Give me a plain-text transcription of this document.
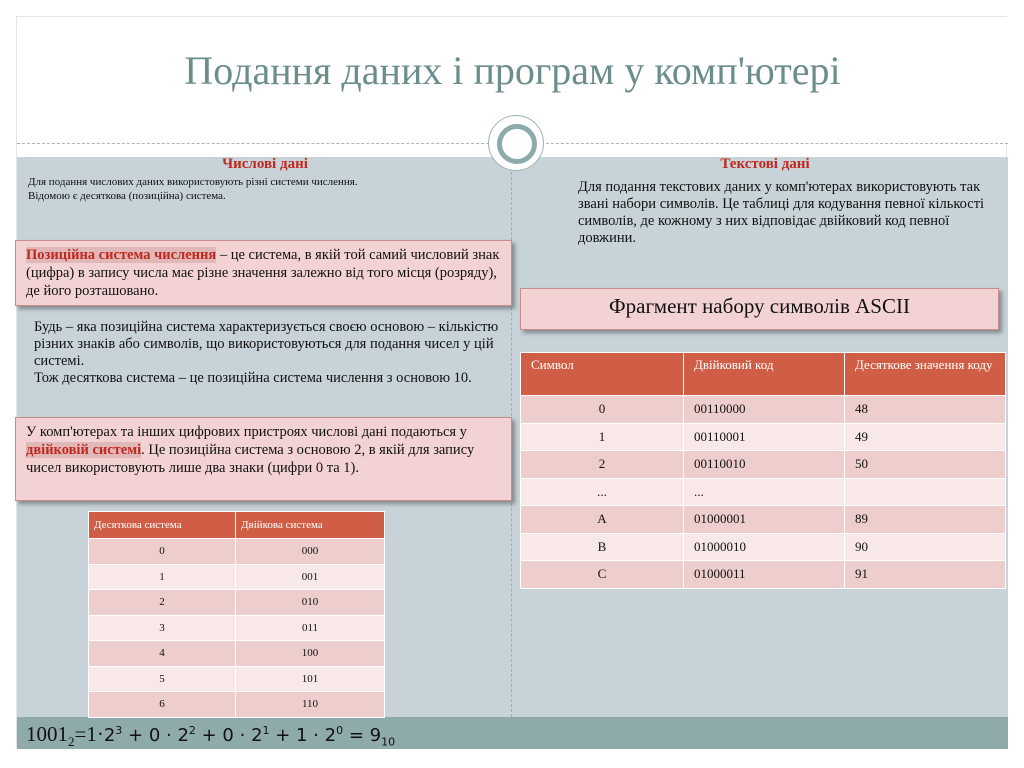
Подання даних і програм у комп'ютері
Числові дані
Для подання числових даних використовують різні системи числення.
Відомою є десяткова (позиційна) система.
Позиційна система числення – це система, в якій той самий числовий знак (цифра) в запису числа має різне значення залежно від того місця (розряду), де його розташовано.
Будь – яка позиційна система характеризується своєю основою – кількістю різних знаків або символів, що використовуються для подання чисел у цій системі.
Тож десяткова система – це позиційна система числення з основою 10.
У комп'ютерах та інших цифрових пристроях числові дані подаються у двійковій системі. Це позиційна система з основою 2, в якій для запису чисел використовують лише два знаки (цифри 0 та 1).
Десяткова система	Двійкова система
0	000
1	001
2	010
3	011
4	100
5	101
6	110
Текстові дані
Для подання текстових даних у комп'ютерах використовують так звані набори символів. Це таблиці для кодування певної кількості символів, де кожному з них відповідає двійковий код певної довжини.
Фрагмент набору символів ASCII
Символ	Двійковий код	Десяткове значення коду
0	00110000	48
1	00110001	49
2	00110010	50
...	...	
A	01000001	89
B	01000010	90
C	01000011	91
$1001_2=1\cdot 2^3 + 0 \cdot 2^2 + 0 \cdot 2^1 + 1 \cdot 2^0 = 9_{10}$
